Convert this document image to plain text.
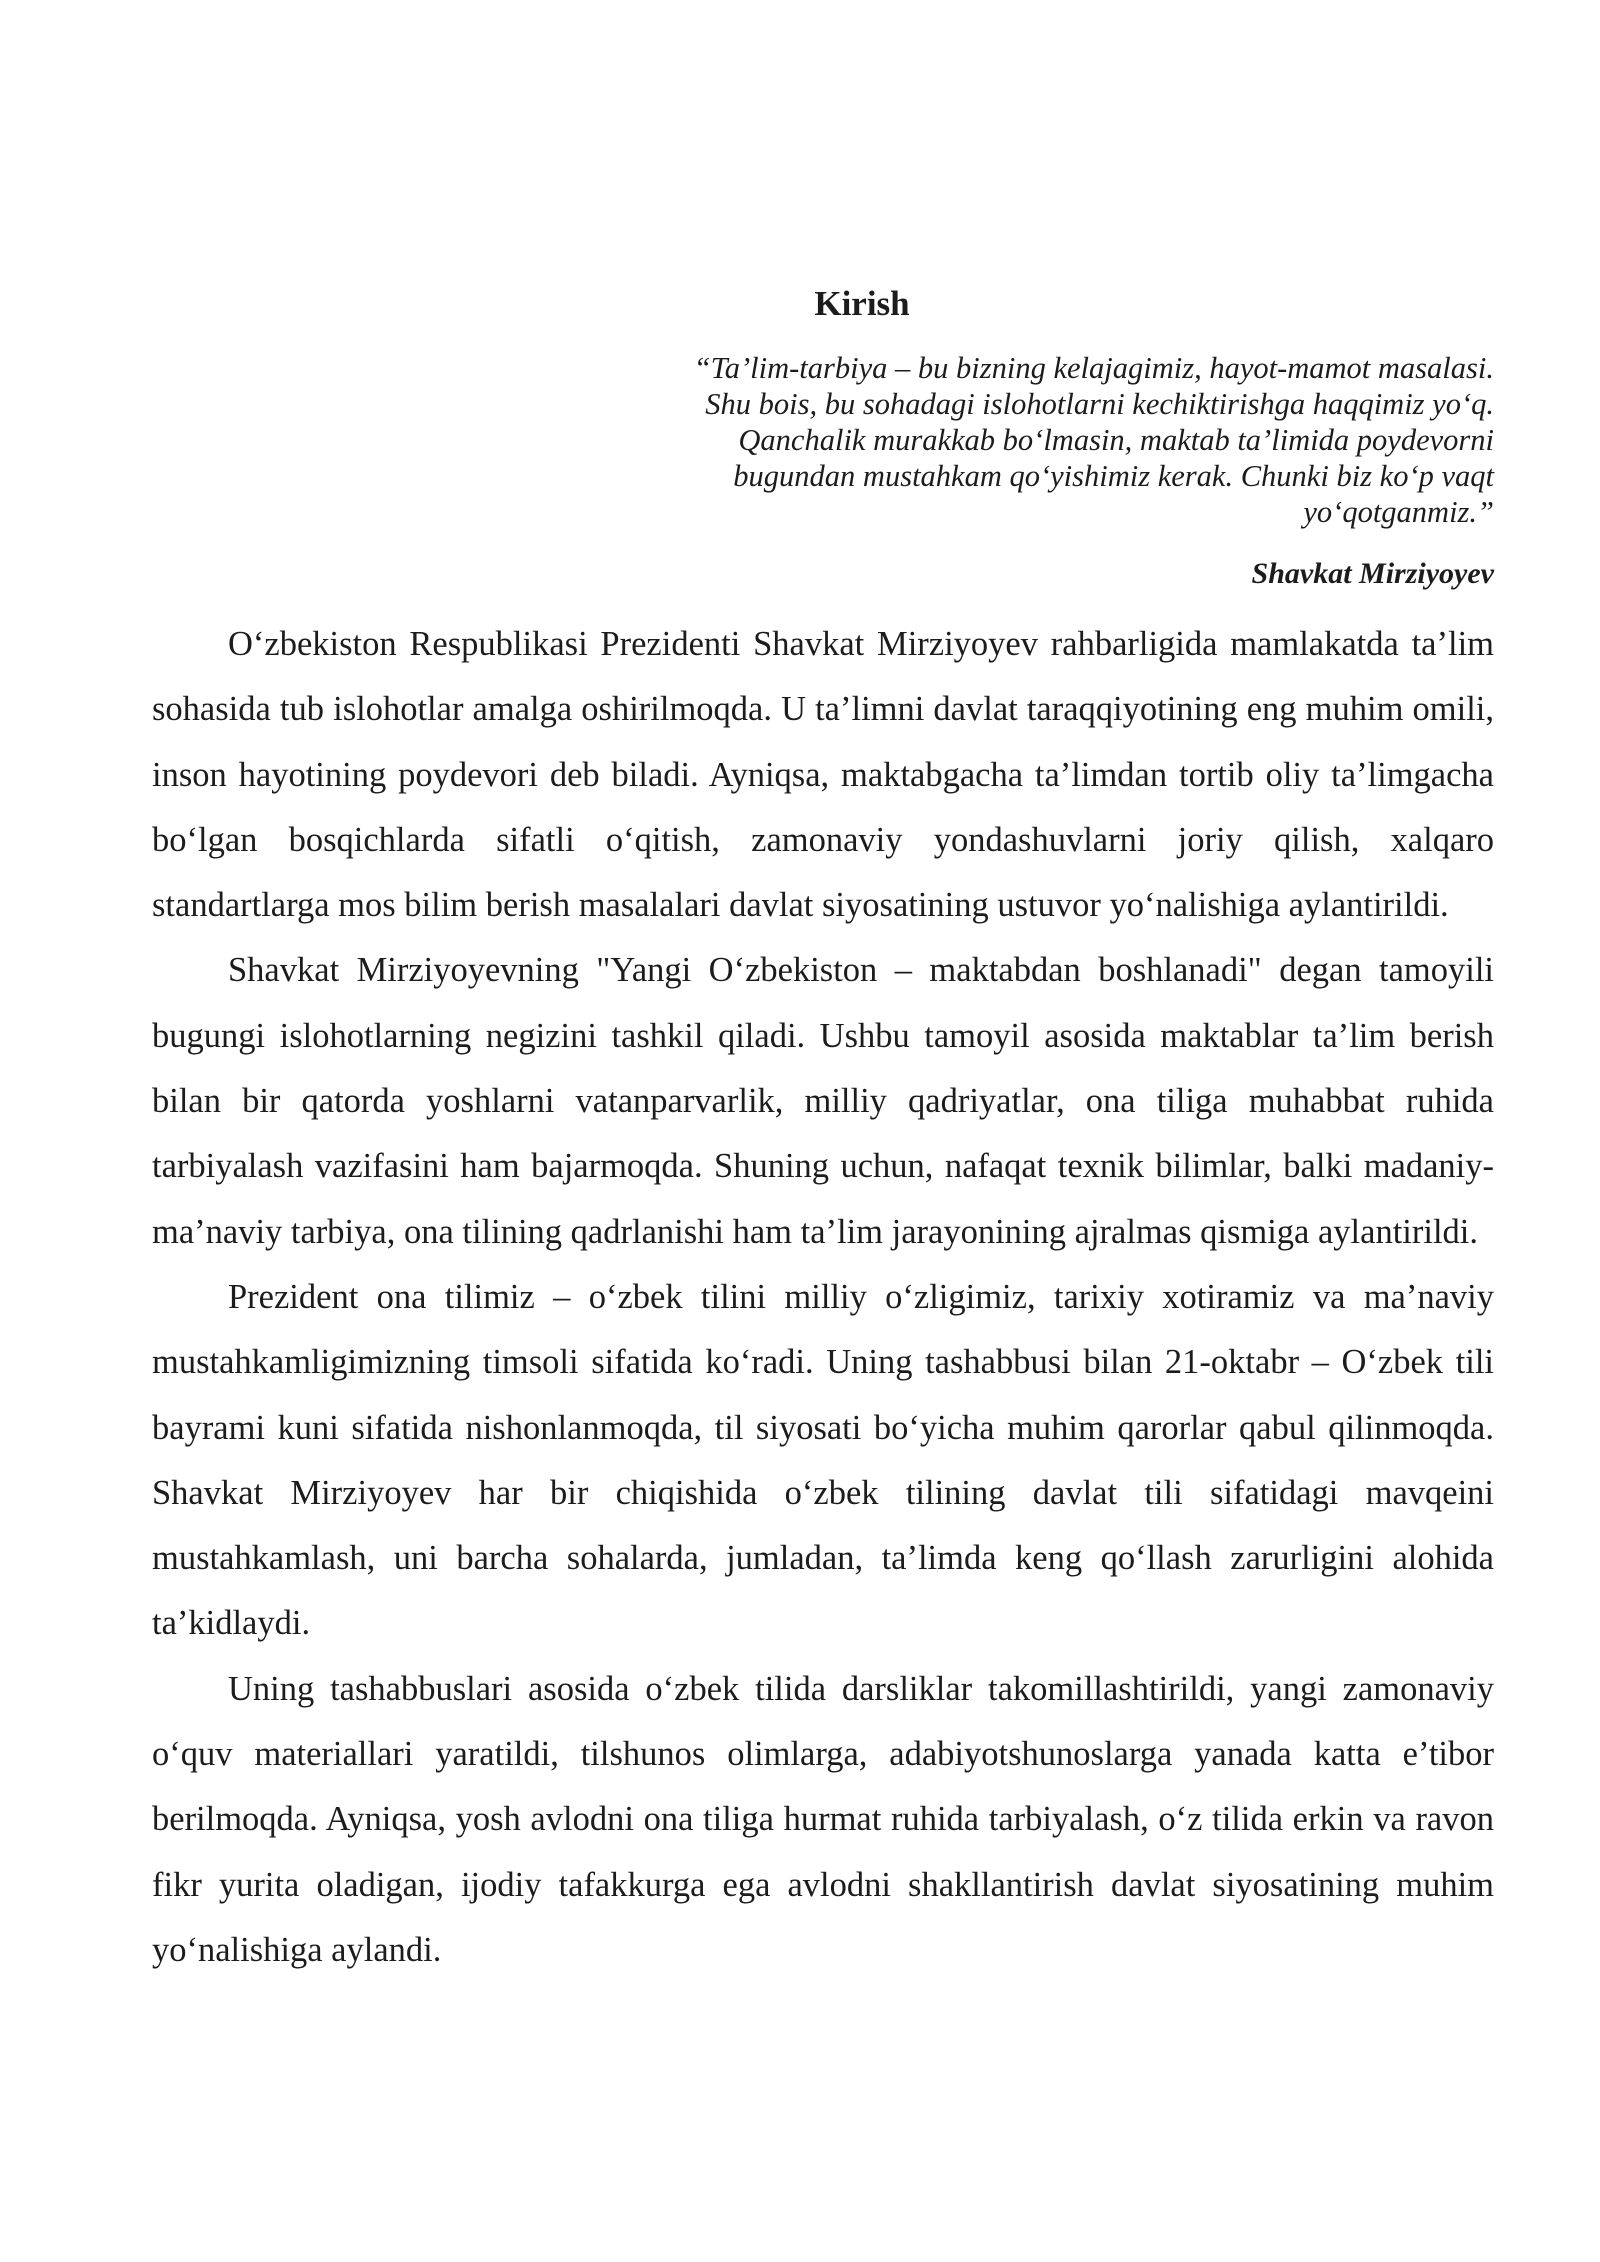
Kirish
“Ta’lim-tarbiya – bu bizning kelajagimiz, hayot-mamot masalasi.
Shu bois, bu sohadagi islohotlarni kechiktirishga haqqimiz yo‘q.
Qanchalik murakkab bo‘lmasin, maktab ta’limida poydevorni
bugundan mustahkam qo‘yishimiz kerak. Chunki biz ko‘p vaqt
yo‘qotganmiz.”

Shavkat Mirziyoyev

O‘zbekiston Respublikasi Prezidenti Shavkat Mirziyoyev rahbarligida mamlakatda ta’lim sohasida tub islohotlar amalga oshirilmoqda. U ta’limni davlat taraqqiyotining eng muhim omili, inson hayotining poydevori deb biladi. Ayniqsa, maktabgacha ta’limdan tortib oliy ta’limgacha bo‘lgan bosqichlarda sifatli o‘qitish, zamonaviy yondashuvlarni joriy qilish, xalqaro standartlarga mos bilim berish masalalari davlat siyosatining ustuvor yo‘nalishiga aylantirildi.

Shavkat Mirziyoyevning "Yangi O‘zbekiston – maktabdan boshlanadi" degan tamoyili bugungi islohotlarning negizini tashkil qiladi. Ushbu tamoyil asosida maktablar ta’lim berish bilan bir qatorda yoshlarni vatanparvarlik, milliy qadriyatlar, ona tiliga muhabbat ruhida tarbiyalash vazifasini ham bajarmoqda. Shuning uchun, nafaqat texnik bilimlar, balki madaniy-ma’naviy tarbiya, ona tilining qadrlanishi ham ta’lim jarayonining ajralmas qismiga aylantirildi.

Prezident ona tilimiz – o‘zbek tilini milliy o‘zligimiz, tarixiy xotiramiz va ma’naviy mustahkamligimizning timsoli sifatida ko‘radi. Uning tashabbusi bilan 21-oktabr – O‘zbek tili bayrami kuni sifatida nishonlanmoqda, til siyosati bo‘yicha muhim qarorlar qabul qilinmoqda. Shavkat Mirziyoyev har bir chiqishida o‘zbek tilining davlat tili sifatidagi mavqeini mustahkamlash, uni barcha sohalarda, jumladan, ta’limda keng qo‘llash zarurligini alohida ta’kidlaydi.

Uning tashabbuslari asosida o‘zbek tilida darsliklar takomillashtirildi, yangi zamonaviy o‘quv materiallari yaratildi, tilshunos olimlarga, adabiyotshunoslarga yanada katta e’tibor berilmoqda. Ayniqsa, yosh avlodni ona tiliga hurmat ruhida tarbiyalash, o‘z tilida erkin va ravon fikr yurita oladigan, ijodiy tafakkurga ega avlodni shakllantirish davlat siyosatining muhim yo‘nalishiga aylandi.
